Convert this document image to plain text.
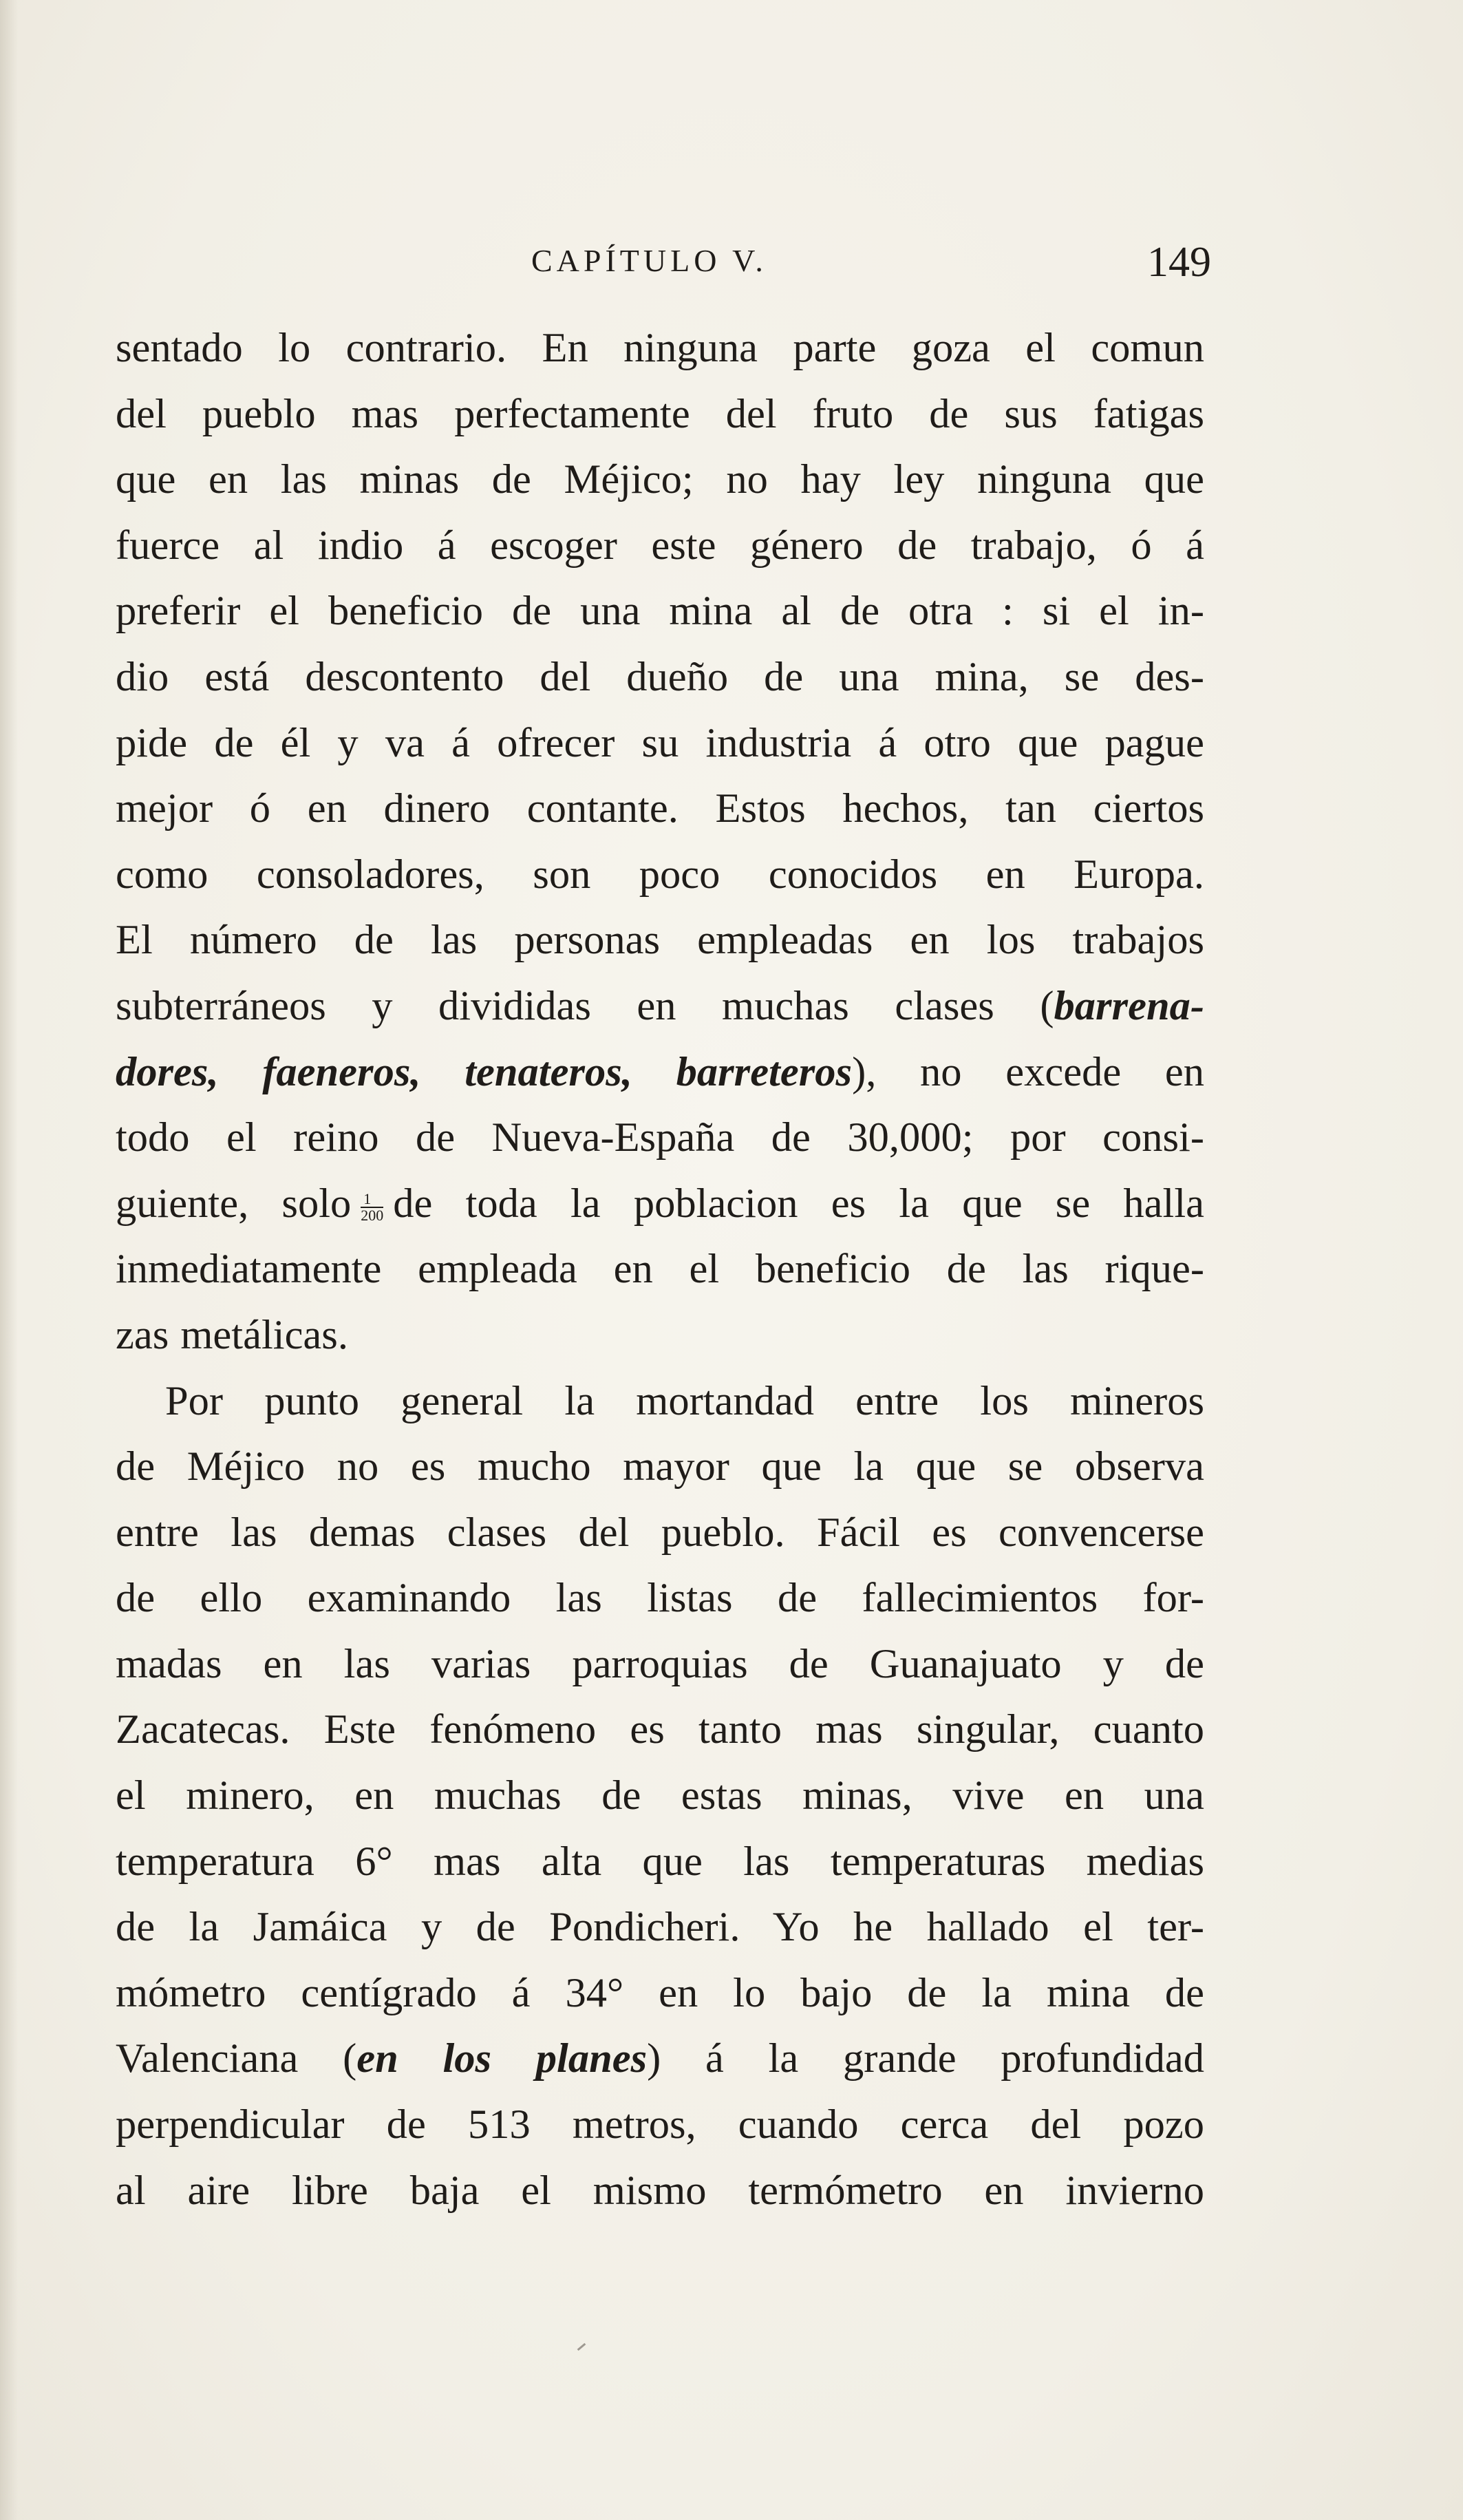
CAPÍTULO V.	149
sentado lo contrario. En ninguna parte goza el comun
del pueblo mas perfectamente del fruto de sus fatigas
que en las minas de Méjico; no hay ley ninguna que
fuerce al indio á escoger este género de trabajo, ó á
preferir el beneficio de una mina al de otra : si el in-
dio está descontento del dueño de una mina, se des-
pide de él y va á ofrecer su industria á otro que pague
mejor ó en dinero contante. Estos hechos, tan ciertos
como consoladores, son poco conocidos en Europa.
El número de las personas empleadas en los trabajos
subterráneos y divididas en muchas clases (barrena-
dores, faeneros, tenateros, barreteros), no excede en
todo el reino de Nueva-España de 30,000; por consi-
guiente, solo $\frac{1}{200}$ de toda la poblacion es la que se halla
inmediatamente empleada en el beneficio de las rique-
zas metálicas.
Por punto general la mortandad entre los mineros
de Méjico no es mucho mayor que la que se observa
entre las demas clases del pueblo. Fácil es convencerse
de ello examinando las listas de fallecimientos for-
madas en las varias parroquias de Guanajuato y de
Zacatecas. Este fenómeno es tanto mas singular, cuanto
el minero, en muchas de estas minas, vive en una
temperatura 6° mas alta que las temperaturas medias
de la Jamáica y de Pondicheri. Yo he hallado el ter-
mómetro centígrado á 34° en lo bajo de la mina de
Valenciana (en los planes) á la grande profundidad
perpendicular de 513 metros, cuando cerca del pozo
al aire libre baja el mismo termómetro en invierno
